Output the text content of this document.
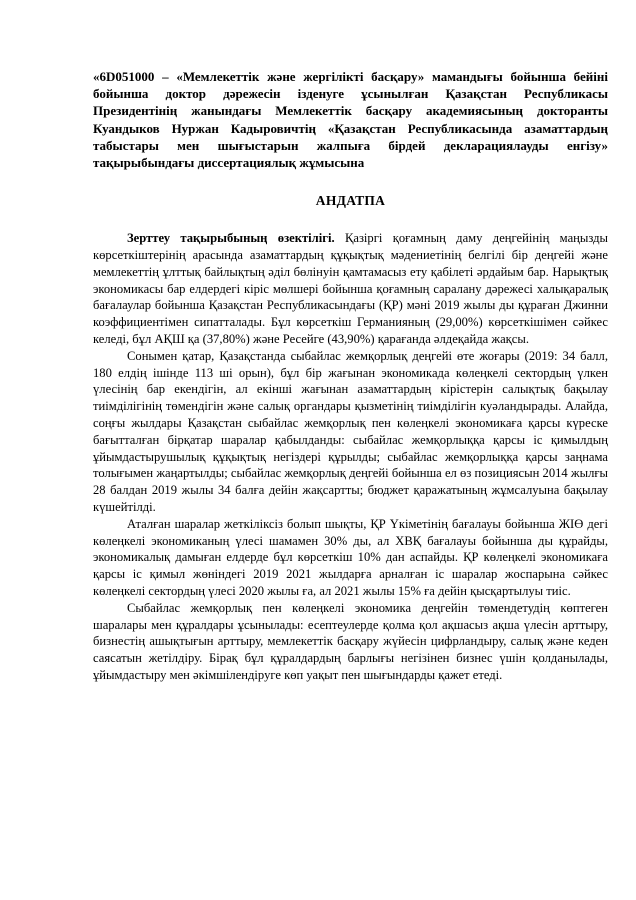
«6D051000 – «Мемлекеттік және жергілікті басқару» мамандығы бойынша бейіні бойынша доктор дәрежесін ізденуге ұсынылған Қазақстан Республикасы Президентінің жанындағы Мемлекеттік басқару академиясының докторанты Куандыков Нуржан Кадыровичтің «Қазақстан Республикасында азаматтардың табыстары мен шығыстарын жалпыға бірдей декларациялауды енгізу» тақырыбындағы диссертациялық жұмысына

АНДАТПА

Зерттеу тақырыбының өзектілігі. Қазіргі қоғамның даму деңгейінің маңызды көрсеткіштерінің арасында азаматтардың құқықтық мәдениетінің белгілі бір деңгейі және мемлекеттің ұлттық байлықтың әділ бөлінуін қамтамасыз ету қабілеті әрдайым бар. Нарықтық экономикасы бар елдердегі кіріс мөлшері бойынша қоғамның саралану дәрежесі халықаралық бағалаулар бойынша Қазақстан Республикасындағы (ҚР) мәні 2019 жылы ды құраған Джинни коэффициентімен сипатталады. Бұл көрсеткіш Германияның (29,00%) көрсеткішімен сәйкес келеді, бұл АҚШ қа (37,80%) және Ресейге (43,90%) қарағанда әлдеқайда жақсы.

Сонымен қатар, Қазақстанда сыбайлас жемқорлық деңгейі өте жоғары (2019: 34 балл, 180 елдің ішінде 113 ші орын), бұл бір жағынан экономикада көлеңкелі сектордың үлкен үлесінің бар екендігін, ал екінші жағынан азаматтардың кірістерін салықтық бақылау тиімділігінің төмендігін және салық органдары қызметінің тиімділігін куәландырады. Алайда, соңғы жылдары Қазақстан сыбайлас жемқорлық пен көлеңкелі экономикаға қарсы күреске бағытталған бірқатар шаралар қабылданды: сыбайлас жемқорлыққа қарсы іс қимылдың ұйымдастырушылық құқықтық негіздері құрылды; сыбайлас жемқорлыққа қарсы заңнама толығымен жаңартылды; сыбайлас жемқорлық деңгейі бойынша ел өз позициясын 2014 жылғы 28 балдан 2019 жылы 34 балға дейін жақсартты; бюджет қаражатының жұмсалуына бақылау күшейтілді.

Аталған шаралар жеткіліксіз болып шықты, ҚР Үкіметінің бағалауы бойынша ЖІӨ дегі көлеңкелі экономиканың үлесі шамамен 30% ды, ал ХВҚ бағалауы бойынша ды құрайды, экономикалық дамыған елдерде бұл көрсеткіш 10% дан аспайды. ҚР көлеңкелі экономикаға қарсы іс қимыл жөніндегі 2019 2021 жылдарға арналған іс шаралар жоспарына сәйкес көлеңкелі сектордың үлесі 2020 жылы ға, ал 2021 жылы 15% ға дейін қысқартылуы тиіс.

Сыбайлас жемқорлық пен көлеңкелі экономика деңгейін төмендетудің көптеген шаралары мен құралдары ұсынылады: есептеулерде қолма қол ақшасыз ақша үлесін арттыру, бизнестің ашықтығын арттыру, мемлекеттік басқару жүйесін цифрландыру, салық және кеден саясатын жетілдіру. Бірақ бұл құралдардың барлығы негізінен бизнес үшін қолданылады, ұйымдастыру мен әкімшілендіруге көп уақыт пен шығындарды қажет етеді.
